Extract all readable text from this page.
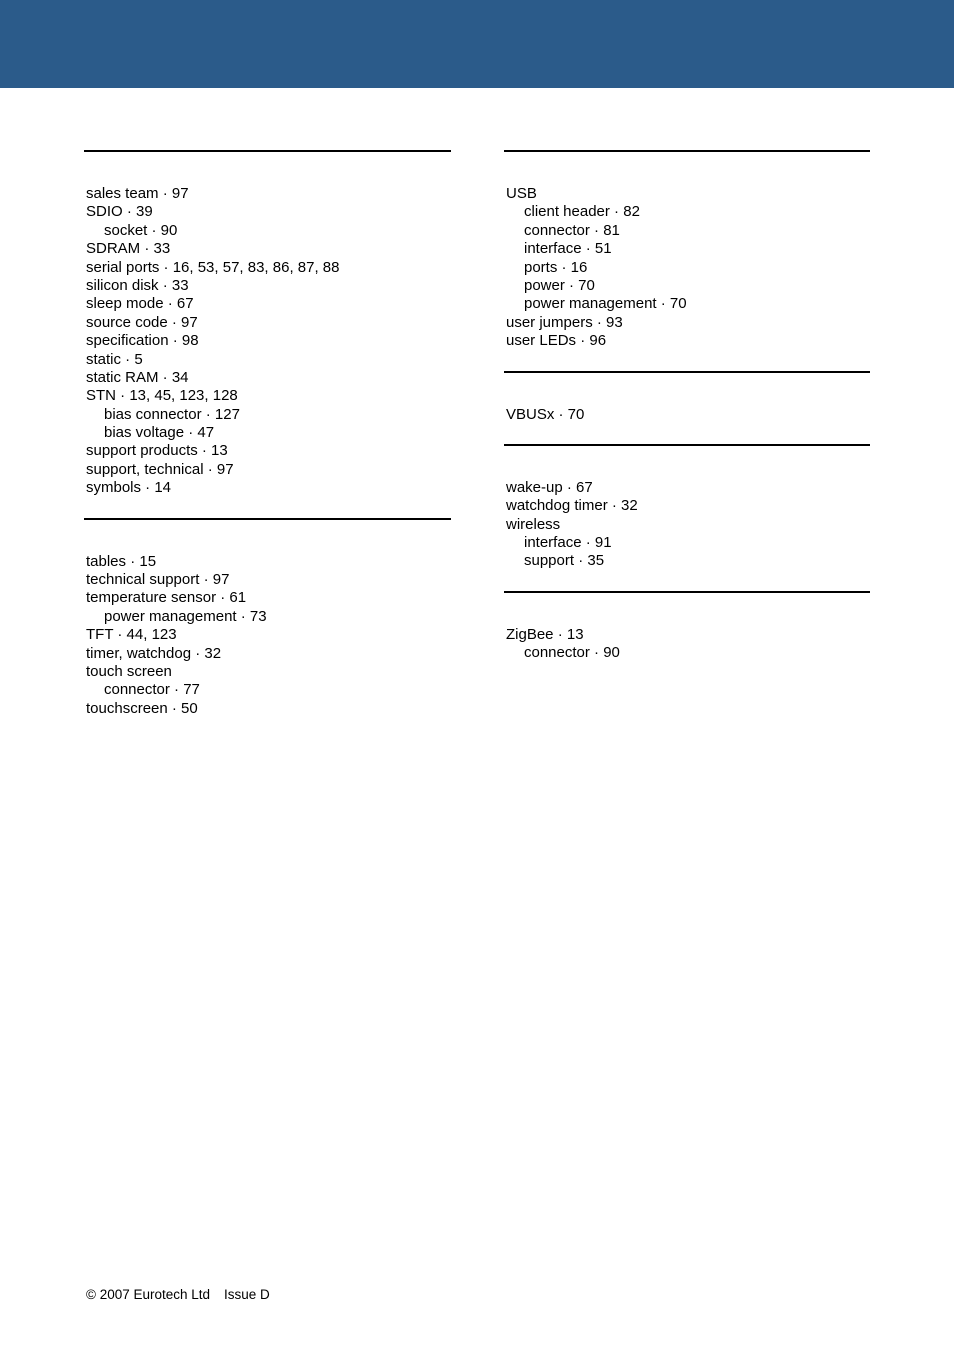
sales team · 97
SDIO · 39
socket · 90
SDRAM · 33
serial ports · 16, 53, 57, 83, 86, 87, 88
silicon disk · 33
sleep mode · 67
source code · 97
specification · 98
static · 5
static RAM · 34
STN · 13, 45, 123, 128
bias connector · 127
bias voltage · 47
support products · 13
support, technical · 97
symbols · 14
tables · 15
technical support · 97
temperature sensor · 61
power management · 73
TFT · 44, 123
timer, watchdog · 32
touch screen
connector · 77
touchscreen · 50
USB
client header · 82
connector · 81
interface · 51
ports · 16
power · 70
power management · 70
user jumpers · 93
user LEDs · 96
VBUSx · 70
wake-up · 67
watchdog timer · 32
wireless
interface · 91
support · 35
ZigBee · 13
connector · 90
© 2007 Eurotech Ltd Issue D
